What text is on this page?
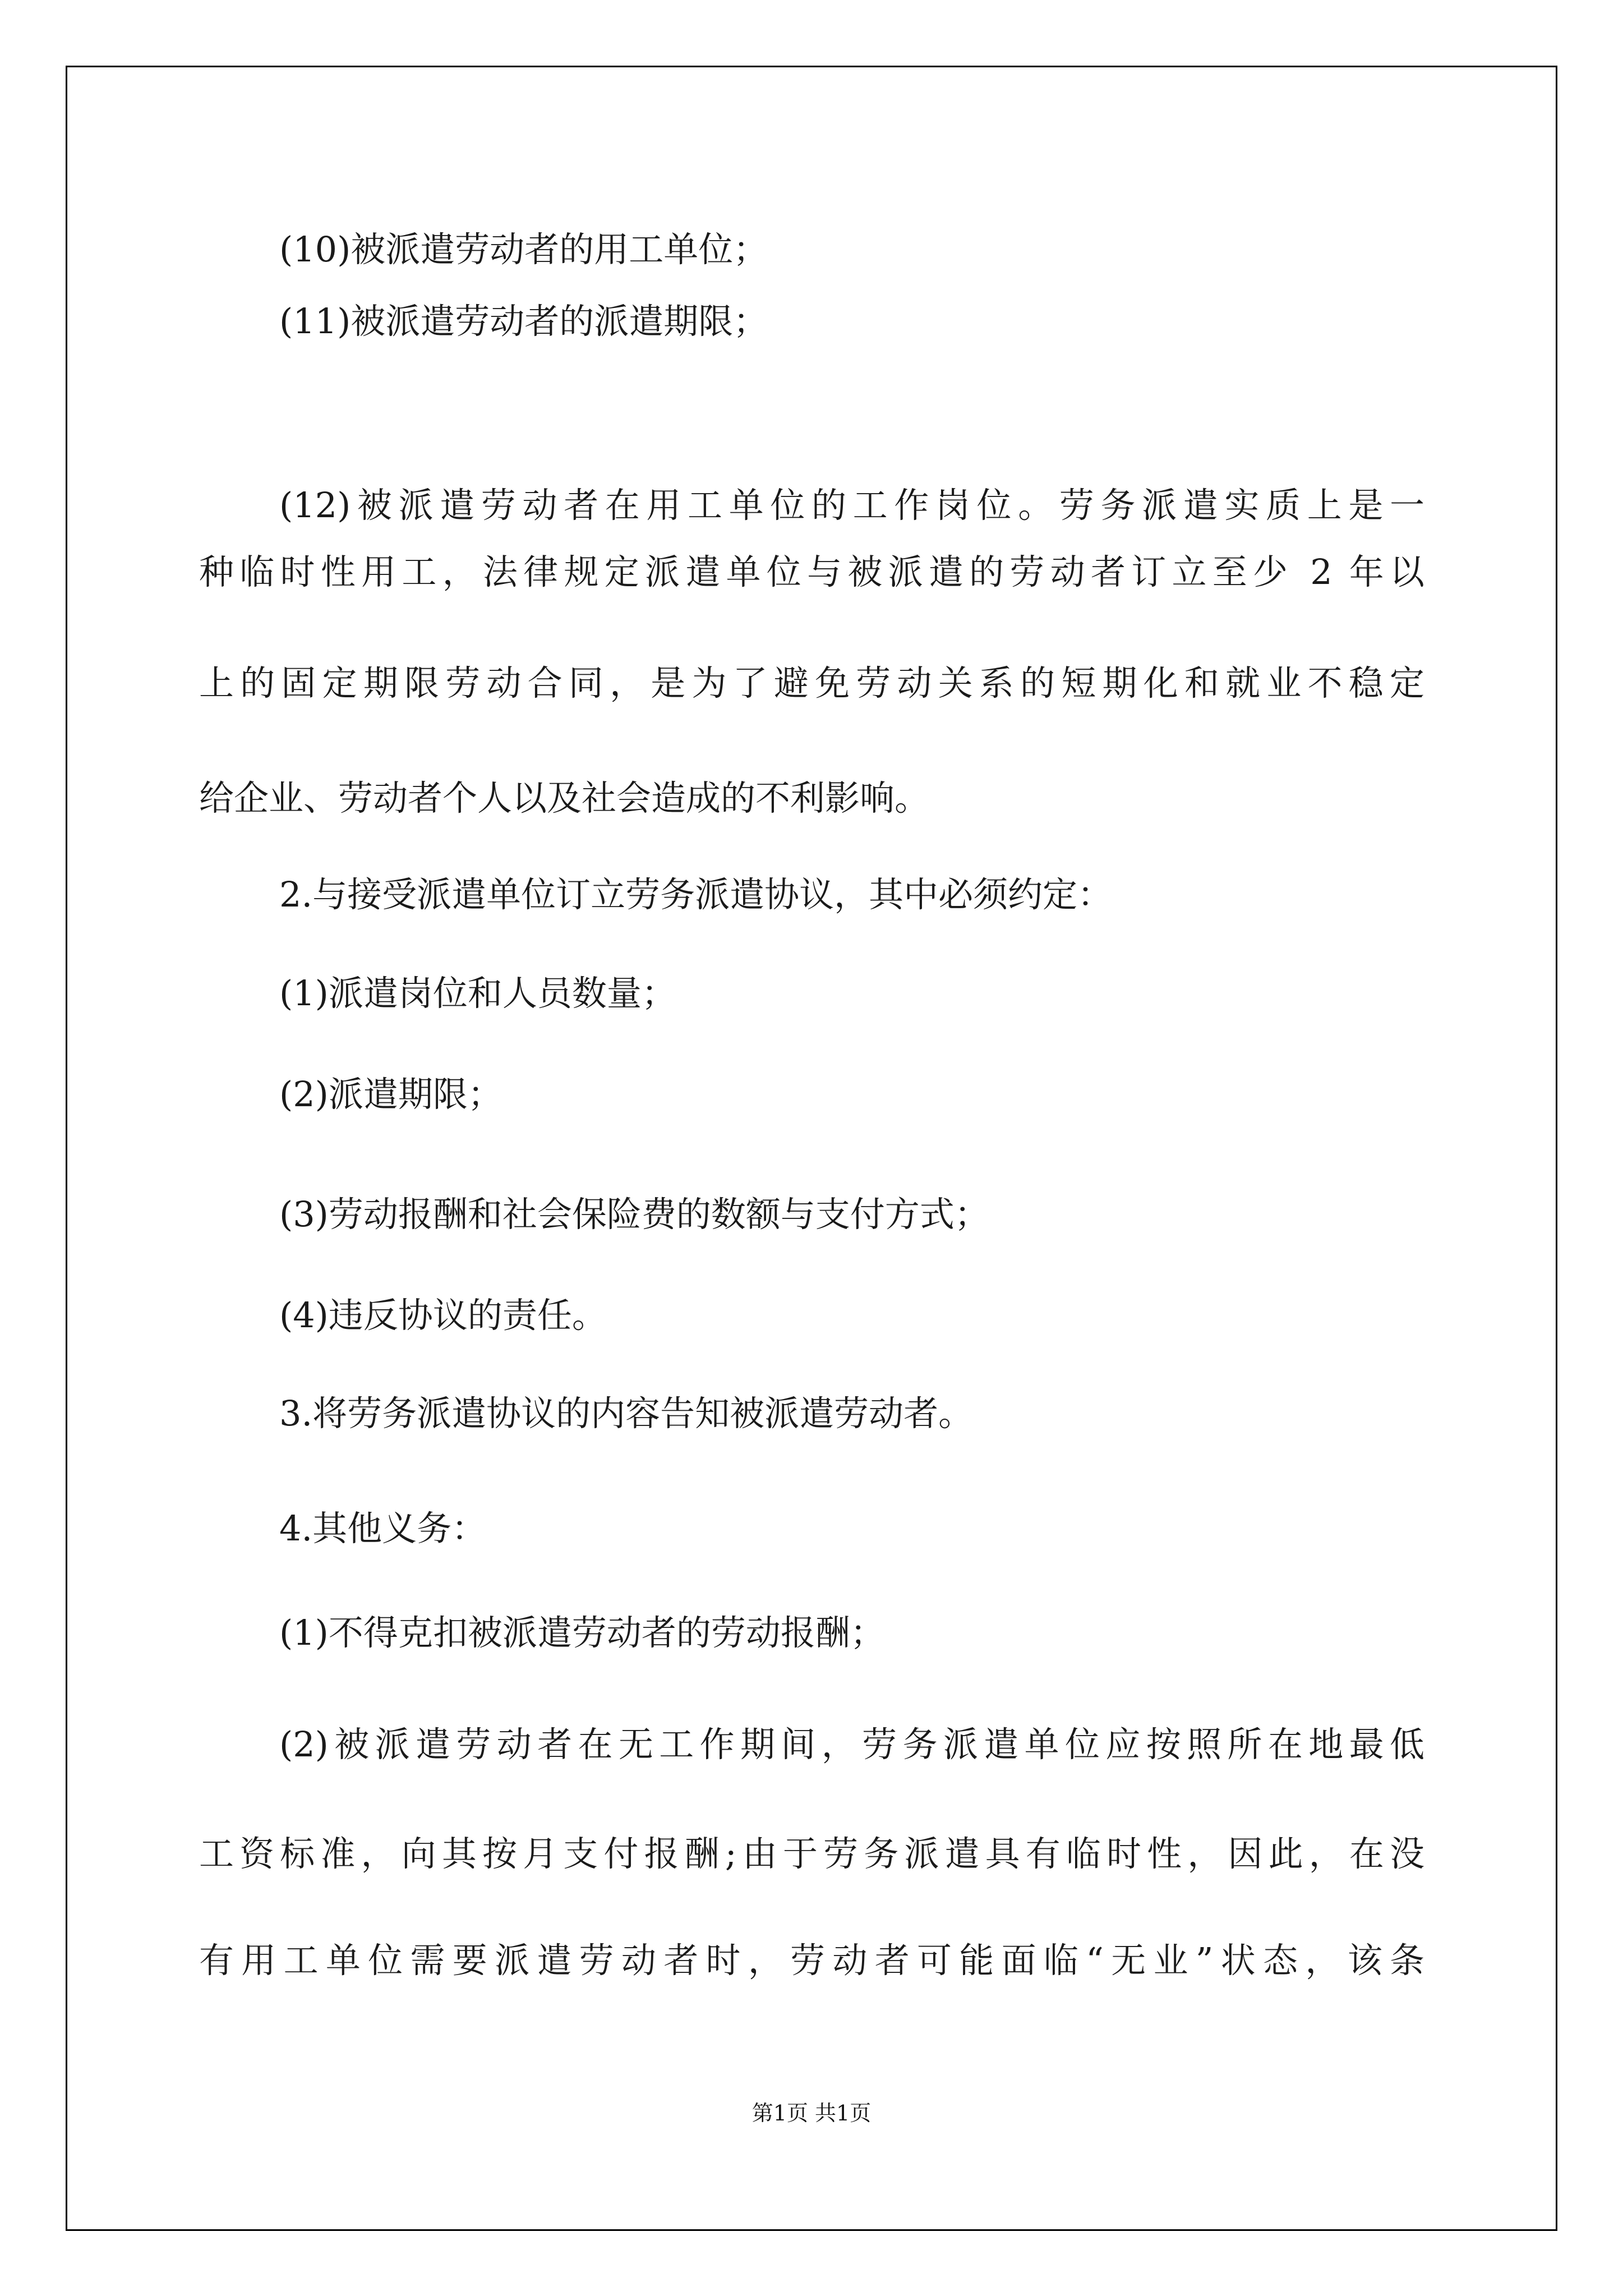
(10)被派遣劳动者的用工单位；

(11)被派遣劳动者的派遣期限；

(12)被派遣劳动者在用工单位的工作岗位。劳务派遣实质上是一

种临时性用工，法律规定派遣单位与被派遣的劳动者订立至少 2 年以

上的固定期限劳动合同，是为了避免劳动关系的短期化和就业不稳定

给企业、劳动者个人以及社会造成的不利影响。

2.与接受派遣单位订立劳务派遣协议，其中必须约定：

(1)派遣岗位和人员数量；

(2)派遣期限；

(3)劳动报酬和社会保险费的数额与支付方式；

(4)违反协议的责任。

3.将劳务派遣协议的内容告知被派遣劳动者。

4.其他义务：

(1)不得克扣被派遣劳动者的劳动报酬；

(2)被派遣劳动者在无工作期间，劳务派遣单位应按照所在地最低

工资标准，向其按月支付报酬;由于劳务派遣具有临时性，因此，在没

有用工单位需要派遣劳动者时，劳动者可能面临“无业”状态，该条

第1页 共1页
